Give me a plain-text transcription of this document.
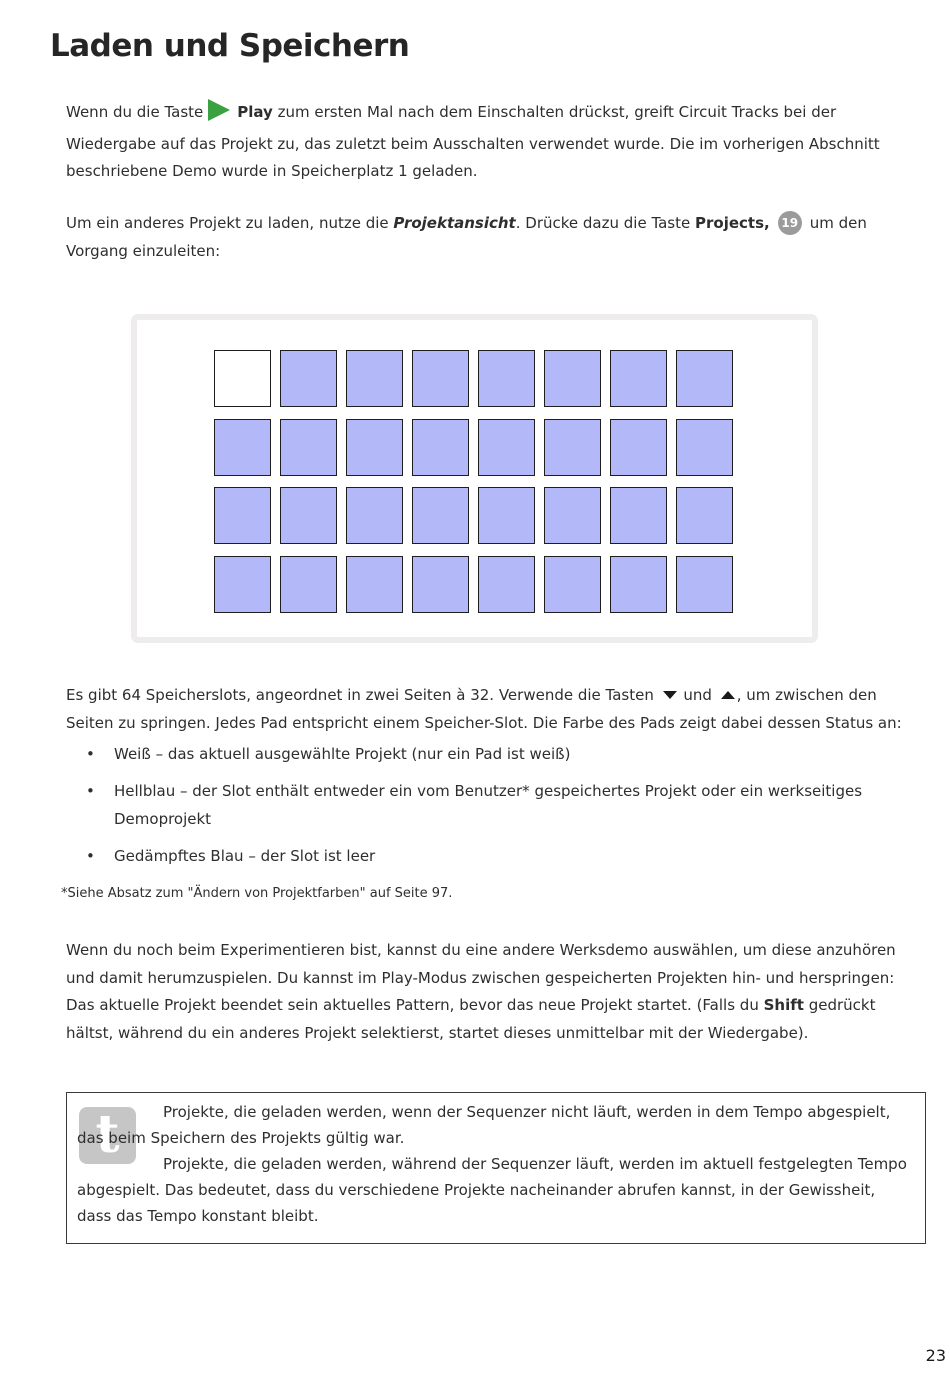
Laden und Speichern

Wenn du die Taste Play zum ersten Mal nach dem Einschalten drückst, greift Circuit Tracks bei der Wiedergabe auf das Projekt zu, das zuletzt beim Ausschalten verwendet wurde. Die im vorherigen Abschnitt beschriebene Demo wurde in Speicherplatz 1 geladen.

Um ein anderes Projekt zu laden, nutze die Projektansicht. Drücke dazu die Taste Projects, 19 um den Vorgang einzuleiten:

Es gibt 64 Speicherslots, angeordnet in zwei Seiten à 32. Verwende die Tasten  und , um zwischen den Seiten zu springen. Jedes Pad entspricht einem Speicher-Slot. Die Farbe des Pads zeigt dabei dessen Status an:

• Weiß – das aktuell ausgewählte Projekt (nur ein Pad ist weiß)
• Hellblau – der Slot enthält entweder ein vom Benutzer* gespeichertes Projekt oder ein werkseitiges Demoprojekt
• Gedämpftes Blau – der Slot ist leer

*Siehe Absatz zum "Ändern von Projektfarben" auf Seite 97.

Wenn du noch beim Experimentieren bist, kannst du eine andere Werksdemo auswählen, um diese anzuhören und damit herumzuspielen. Du kannst im Play-Modus zwischen gespeicherten Projekten hin- und herspringen: Das aktuelle Projekt beendet sein aktuelles Pattern, bevor das neue Projekt startet. (Falls du Shift gedrückt hältst, während du ein anderes Projekt selektierst, startet dieses unmittelbar mit der Wiedergabe).

t	Projekte, die geladen werden, wenn der Sequenzer nicht läuft, werden in dem Tempo abgespielt, das beim Speichern des Projekts gültig war.
Projekte, die geladen werden, während der Sequenzer läuft, werden im aktuell festgelegten Tempo abgespielt. Das bedeutet, dass du verschiedene Projekte nacheinander abrufen kannst, in der Gewissheit, dass das Tempo konstant bleibt.

23
